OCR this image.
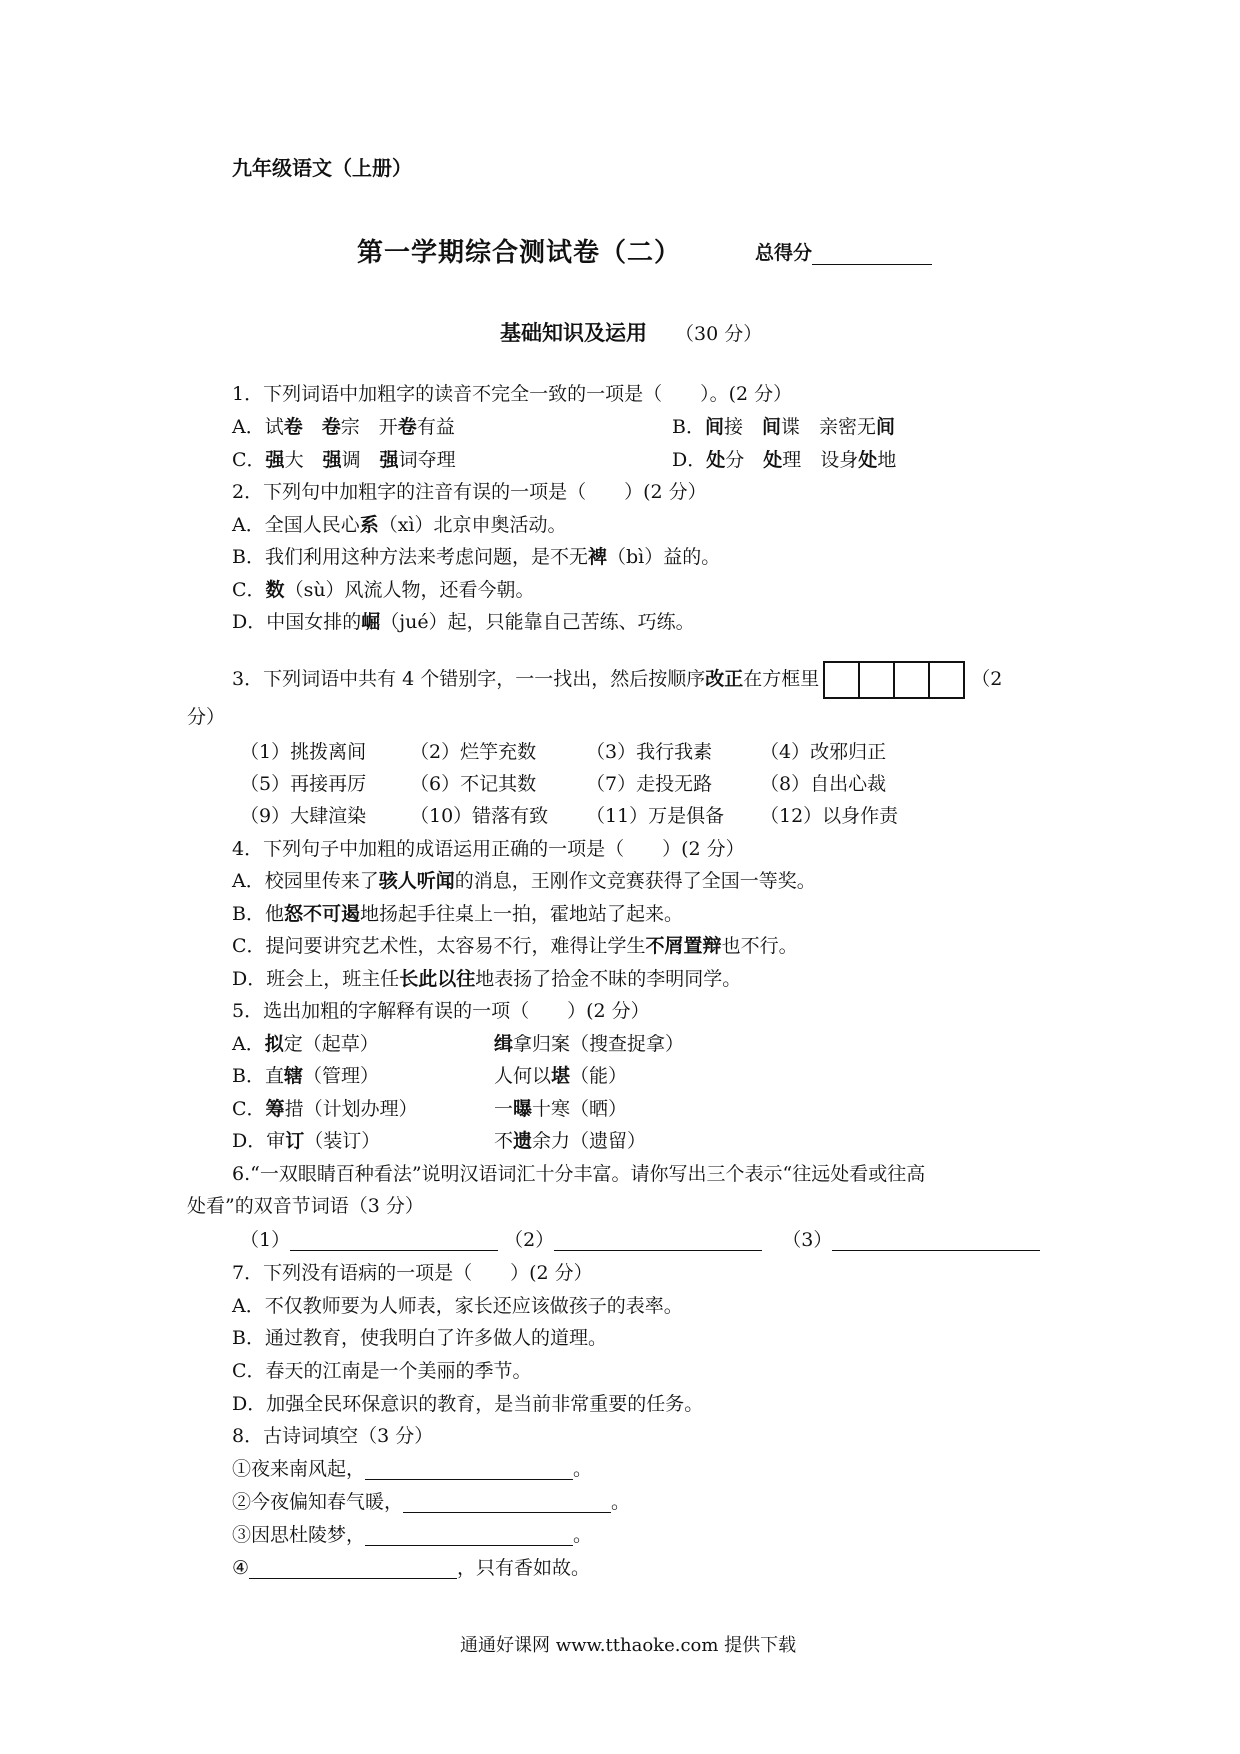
九年级语文（上册）
第一学期综合测试卷（二）	总得分
基础知识及运用 （30 分）
1．下列词语中加粗字的读音不完全一致的一项是（　　）。(2 分）
A．试卷　 卷宗　开卷有益	B．间接　间谍　亲密无间
C．强大　强调　强词夺理	D．处分　处理　设身处地
2．下列句中加粗字的注音有误的一项是（　　）(2 分）
A．全国人民心系（xì）北京申奥活动。
B．我们利用这种方法来考虑问题，是不无裨（bì）益的。
C．数（sù）风流人物，还看今朝。
D．中国女排的崛（jué）起，只能靠自己苦练、巧练。
3．下列词语中共有 4 个错别字，一一找出，然后按顺序改正在方框里	（2
分）
（1）挑拨离间 （2）烂竽充数	（3）我行我素	（4）改邪归正
（5）再接再厉 （6）不记其数	（7）走投无路	（8）自出心裁
（9）大肆渲染 （10）错落有致 （11）万是俱备 （12）以身作责
4．下列句子中加粗的成语运用正确的一项是（　　）(2 分）
A．校园里传来了骇人听闻的消息，王刚作文竞赛获得了全国一等奖。
B．他怒不可遏地扬起手往桌上一拍，霍地站了起来。
C．提问要讲究艺术性，太容易不行，难得让学生不屑置辩也不行。
D．班会上，班主任长此以往地表扬了拾金不昧的李明同学。
5．选出加粗的字解释有误的一项（　　）(2 分）
A．拟定（起草）	缉拿归案（搜查捉拿）
B．直辖（管理）	人何以堪（能）
C．筹措（计划办理）	一曝十寒（晒）
D．审订（装订）	不遗余力（遗留）
6.“一双眼睛百种看法”说明汉语词汇十分丰富。请你写出三个表示“往远处看或往高
处看”的双音节词语（3 分）
（1）	（2）	（3）
7．下列没有语病的一项是（　　）(2 分）
A．不仅教师要为人师表，家长还应该做孩子的表率。
B．通过教育，使我明白了许多做人的道理。
C．春天的江南是一个美丽的季节。
D．加强全民环保意识的教育，是当前非常重要的任务。
8．古诗词填空（3 分）
①夜来南风起，	。
②今夜偏知春气暖，	。
③因思杜陵梦，	。
④	，只有香如故。
通通好课网 www.tthaoke.com 提供下载
